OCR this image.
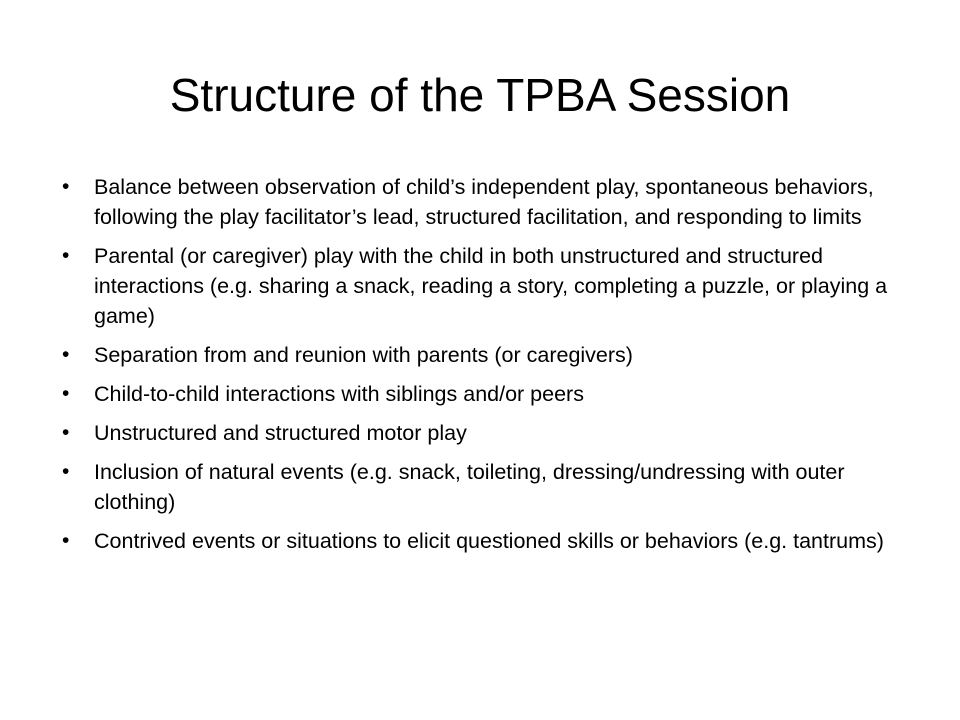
Structure of the TPBA Session
•	Balance between observation of child’s independent play, spontaneous behaviors, following the play facilitator’s lead, structured facilitation, and responding to limits
•	Parental (or caregiver) play with the child in both unstructured and structured interactions (e.g. sharing a snack, reading a story, completing a puzzle, or playing a game)
•	Separation from and reunion with parents (or caregivers)
•	Child-to-child interactions with siblings and/or peers
•	Unstructured and structured motor play
•	Inclusion of natural events (e.g. snack, toileting, dressing/undressing with outer clothing)
•	Contrived events or situations to elicit questioned skills or behaviors (e.g. tantrums)
